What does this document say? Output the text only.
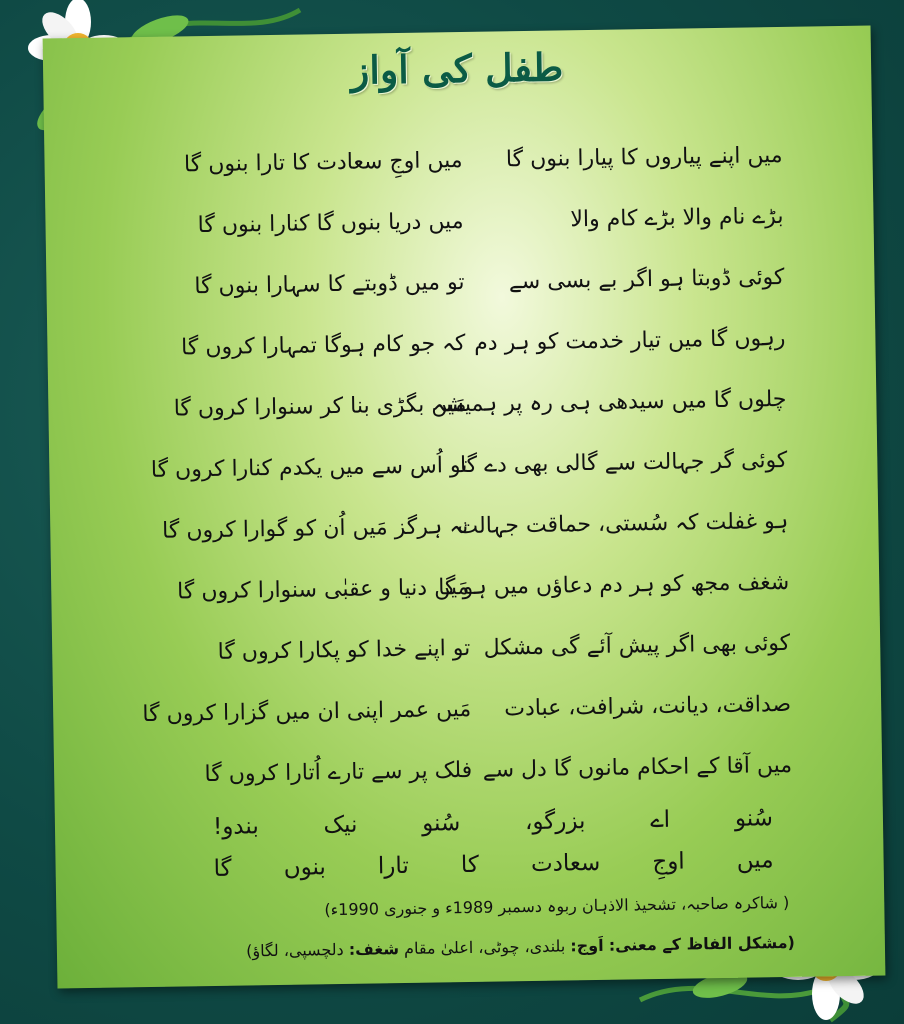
طفل کی آواز
میں اپنے پیاروں کا پیارا بنوں گا
بڑے نام والا بڑے کام والا
کوئی ڈوبتا ہو اگر بے بسی سے
رہوں گا میں تیار خدمت کو ہر دم
چلوں گا میں سیدھی ہی رہ پر ہمیشہ
کوئی گر جہالت سے گالی بھی دے گا
ہو غفلت کہ سُستی، حماقت جہالت
شغف مجھ کو ہر دم دعاؤں میں ہو گا
کوئی بھی اگر پیش آئے گی مشکل
صداقت، دیانت، شرافت، عبادت
میں آقا کے احکام مانوں گا دل سے
میں اوجِ سعادت کا تارا بنوں گا
میں دریا بنوں گا کنارا بنوں گا
تو میں ڈوبتے کا سہارا بنوں گا
کہ جو کام ہوگا تمہارا کروں گا
مَیں بگڑی بنا کر سنوارا کروں گا
تو اُس سے میں یکدم کنارا کروں گا
نہ ہرگز مَیں اُن کو گوارا کروں گا
مَیں دنیا و عقبٰی سنوارا کروں گا
تو اپنے خدا کو پکارا کروں گا
مَیں عمر اپنی ان میں گزارا کروں گا
فلک پر سے تارے اُتارا کروں گا
سُنو اے بزرگو، سُنو نیک بندو!
میں اوجِ سعادت کا تارا بنوں گا
( شاکرہ صاحبہ، تشحیذ الاذہان ربوہ دسمبر 1989ء و جنوری 1990ء)
(مشکل الفاظ کے معنی: اَوج: بلندی، چوٹی، اعلیٰ مقام شغف: دلچسپی، لگاؤ)
